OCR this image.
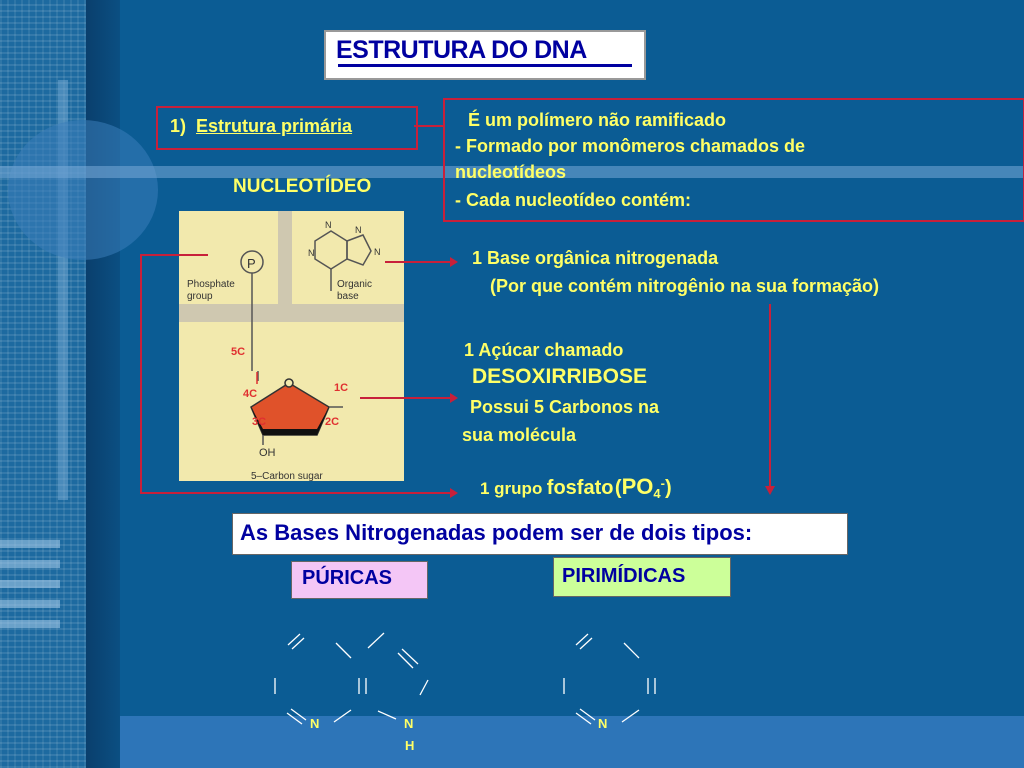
ESTRUTURA DO DNA
1) Estrutura primária	É um polímero não ramificado
- Formado por monômeros chamados de
nucleotídeos
- Cada nucleotídeo contém:
NUCLEOTÍDEO
P
Phosphate
group
N	N
N
N
Organic
base
5C
4C	1C
3C	2C
OH
5–Carbon sugar
1 Base orgânica nitrogenada
(Por que contém nitrogênio na sua formação)
1 Açúcar chamado
DESOXIRRIBOSE
Possui 5 Carbonos na
sua molécula
1 grupo fosfato $(PO_4^-)$
As Bases Nitrogenadas podem ser de dois tipos:
PÚRICAS	PIRIMÍDICAS
N	N
H
N
